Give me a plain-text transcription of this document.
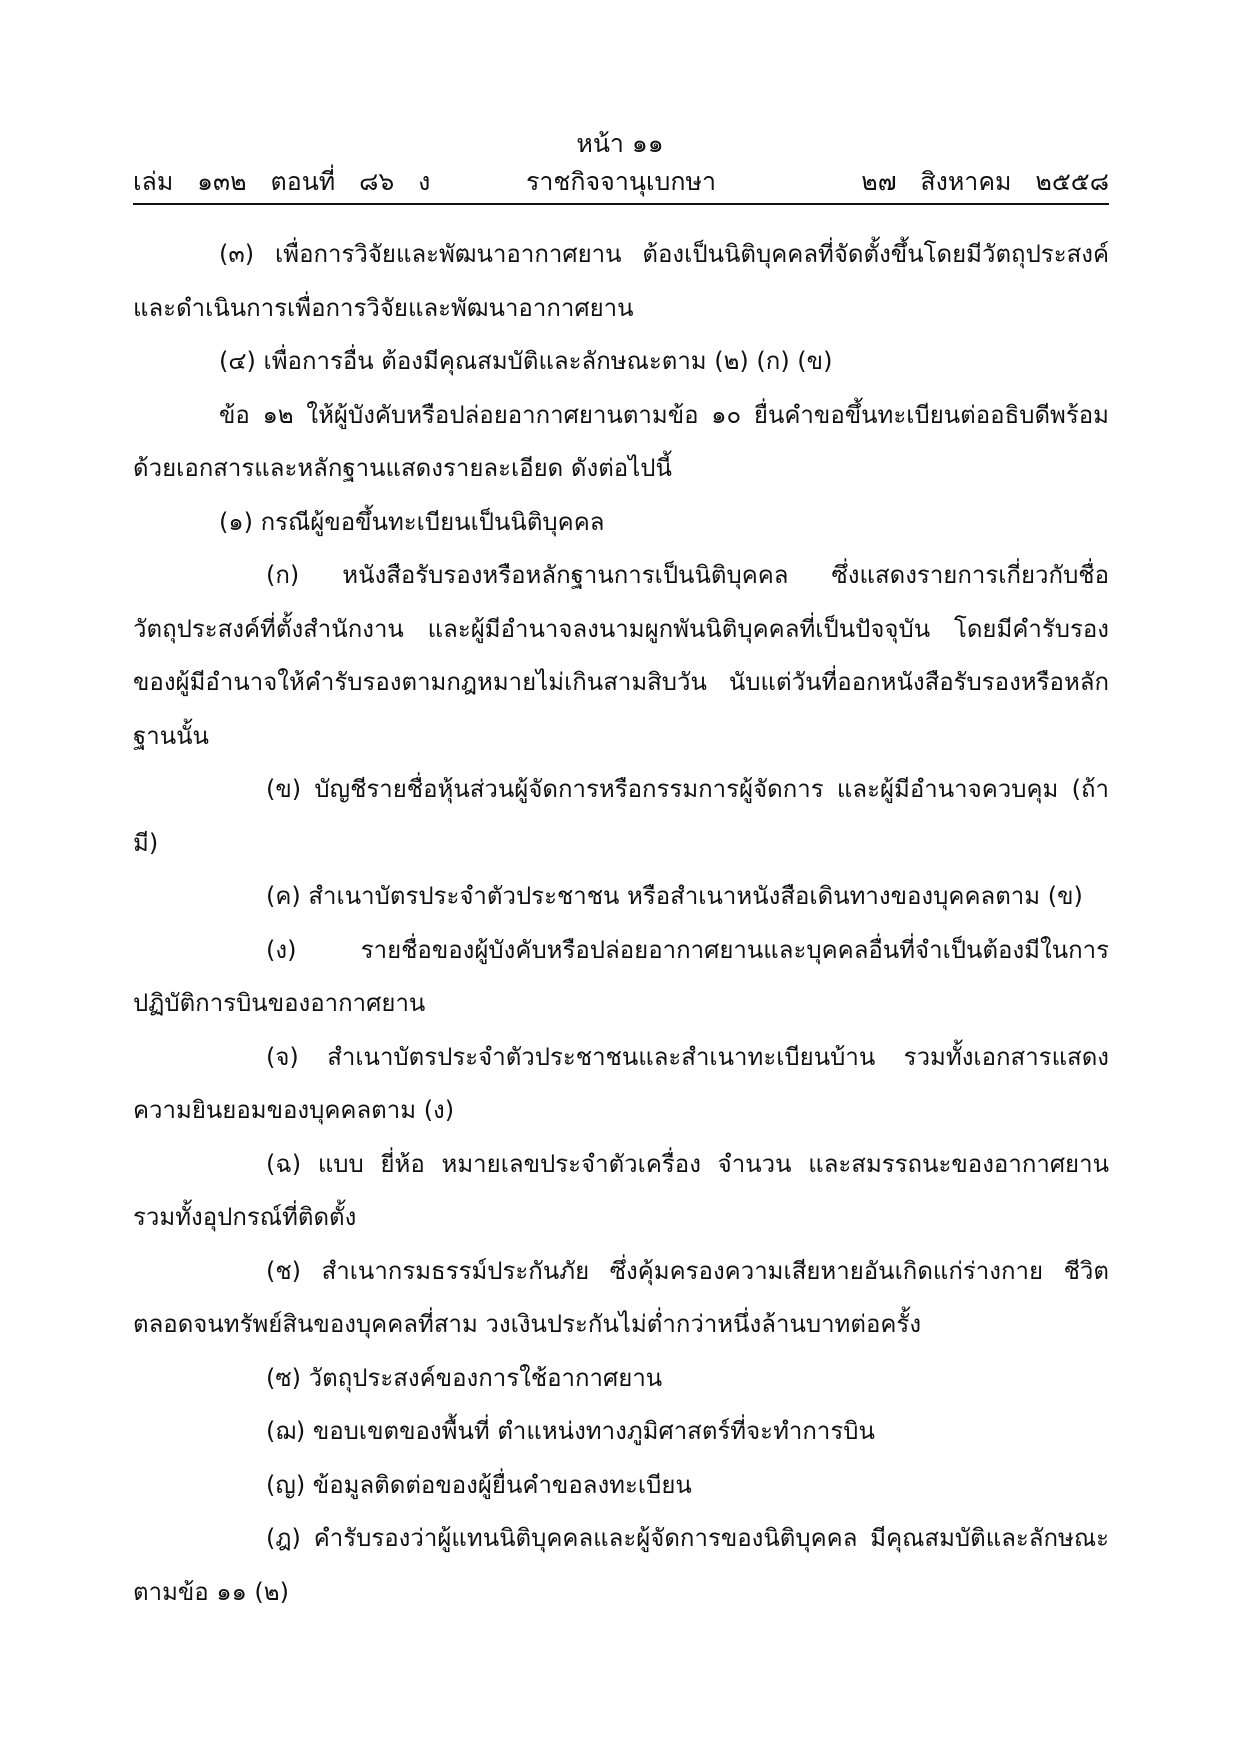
หน้า ๑๑
ราชกิจจานุเบกษา
เล่ม   ๑๓๒   ตอนที่   ๘๖   ง	๒๗   สิงหาคม   ๒๕๕๘

(๓) เพื่อการวิจัยและพัฒนาอากาศยาน ต้องเป็นนิติบุคคลที่จัดตั้งขึ้นโดยมีวัตถุประสงค์และดำเนินการเพื่อการวิจัยและพัฒนาอากาศยาน

(๔) เพื่อการอื่น ต้องมีคุณสมบัติและลักษณะตาม (๒) (ก) (ข)

ข้อ ๑๒ ให้ผู้บังคับหรือปล่อยอากาศยานตามข้อ ๑๐ ยื่นคำขอขึ้นทะเบียนต่ออธิบดีพร้อมด้วยเอกสารและหลักฐานแสดงรายละเอียด ดังต่อไปนี้

(๑) กรณีผู้ขอขึ้นทะเบียนเป็นนิติบุคคล

(ก) หนังสือรับรองหรือหลักฐานการเป็นนิติบุคคล ซึ่งแสดงรายการเกี่ยวกับชื่อ วัตถุประสงค์ที่ตั้งสำนักงาน และผู้มีอำนาจลงนามผูกพันนิติบุคคลที่เป็นปัจจุบัน โดยมีคำรับรองของผู้มีอำนาจให้คำรับรองตามกฎหมายไม่เกินสามสิบวัน นับแต่วันที่ออกหนังสือรับรองหรือหลักฐานนั้น

(ข) บัญชีรายชื่อหุ้นส่วนผู้จัดการหรือกรรมการผู้จัดการ และผู้มีอำนาจควบคุม (ถ้ามี)

(ค) สำเนาบัตรประจำตัวประชาชน หรือสำเนาหนังสือเดินทางของบุคคลตาม (ข)

(ง) รายชื่อของผู้บังคับหรือปล่อยอากาศยานและบุคคลอื่นที่จำเป็นต้องมีในการปฏิบัติการบินของอากาศยาน

(จ) สำเนาบัตรประจำตัวประชาชนและสำเนาทะเบียนบ้าน รวมทั้งเอกสารแสดงความยินยอมของบุคคลตาม (ง)

(ฉ) แบบ ยี่ห้อ หมายเลขประจำตัวเครื่อง จำนวน และสมรรถนะของอากาศยาน รวมทั้งอุปกรณ์ที่ติดตั้ง

(ช) สำเนากรมธรรม์ประกันภัย ซึ่งคุ้มครองความเสียหายอันเกิดแก่ร่างกาย ชีวิต ตลอดจนทรัพย์สินของบุคคลที่สาม วงเงินประกันไม่ต่ำกว่าหนึ่งล้านบาทต่อครั้ง

(ซ) วัตถุประสงค์ของการใช้อากาศยาน

(ฌ) ขอบเขตของพื้นที่ ตำแหน่งทางภูมิศาสตร์ที่จะทำการบิน

(ญ) ข้อมูลติดต่อของผู้ยื่นคำขอลงทะเบียน

(ฎ) คำรับรองว่าผู้แทนนิติบุคคลและผู้จัดการของนิติบุคคล มีคุณสมบัติและลักษณะตามข้อ ๑๑ (๒)
